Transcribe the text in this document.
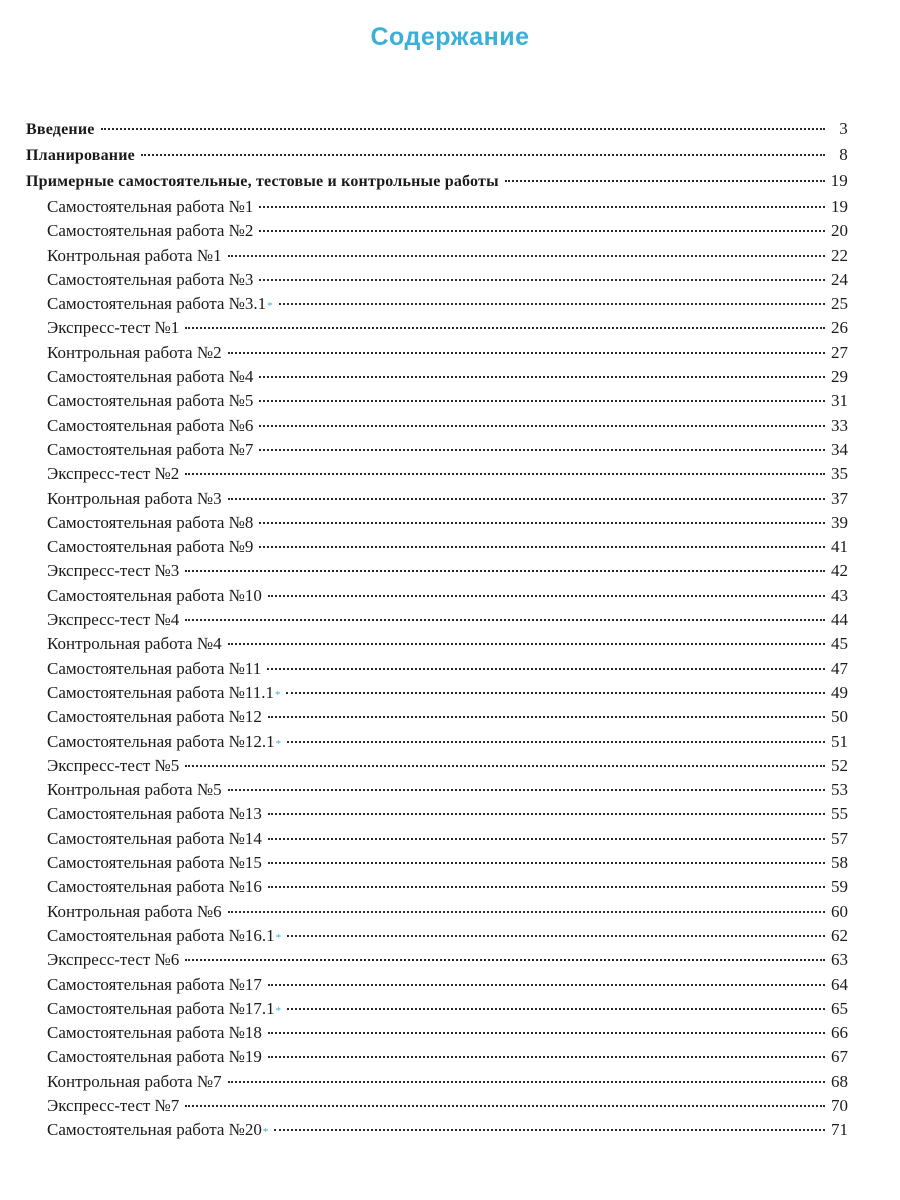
Содержание
Введение	3
Планирование	8
Примерные самостоятельные, тестовые и контрольные работы	19
Самостоятельная работа №1	19
Самостоятельная работа №2	20
Контрольная работа №1	22
Самостоятельная работа №3	24
Самостоятельная работа №3.1 *	25
Экспресс-тест №1	26
Контрольная работа №2	27
Самостоятельная работа №4	29
Самостоятельная работа №5	31
Самостоятельная работа №6	33
Самостоятельная работа №7	34
Экспресс-тест №2	35
Контрольная работа №3	37
Самостоятельная работа №8	39
Самостоятельная работа №9	41
Экспресс-тест №3	42
Самостоятельная работа №10	43
Экспресс-тест №4	44
Контрольная работа №4	45
Самостоятельная работа №11	47
Самостоятельная работа №11.1 *	49
Самостоятельная работа №12	50
Самостоятельная работа №12.1 *	51
Экспресс-тест №5	52
Контрольная работа №5	53
Самостоятельная работа №13	55
Самостоятельная работа №14	57
Самостоятельная работа №15	58
Самостоятельная работа №16	59
Контрольная работа №6	60
Самостоятельная работа №16.1 *	62
Экспресс-тест №6	63
Самостоятельная работа №17	64
Самостоятельная работа №17.1 *	65
Самостоятельная работа №18	66
Самостоятельная работа №19	67
Контрольная работа №7	68
Экспресс-тест №7	70
Самостоятельная работа №20 *	71
